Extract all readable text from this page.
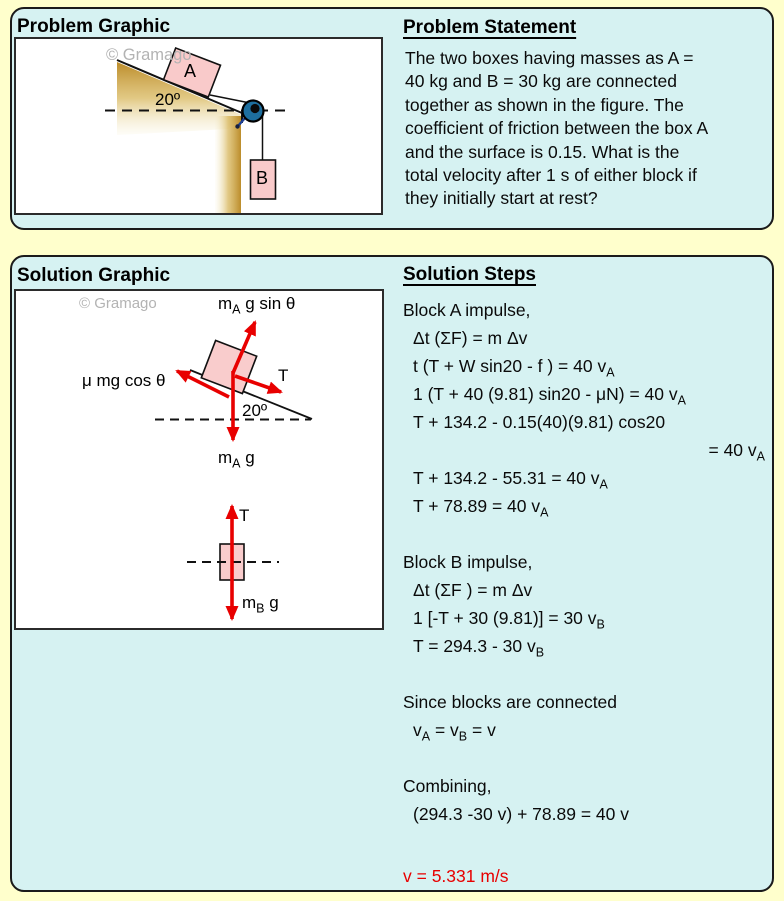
Problem Graphic
© Gramago
20º
A
B
Problem Statement
The two boxes having masses as A =
40 kg and B = 30 kg are connected
together as shown in the figure. The
coefficient of friction between the box A
and the surface is 0.15. What is the
total velocity after 1 s of either block if
they initially start at rest?
Solution Graphic
© Gramago	$m_A$ g sin θ
μ mg cos θ	T
20º
$m_A$ g
T
$m_B$ g
Solution Steps
Block A impulse,
Δt (ΣF) = m Δv
t (T + W sin20 - f ) = 40 $v_A$
1 (T + 40 (9.81) sin20 - μN) = 40 $v_A$
T + 134.2 - 0.15(40)(9.81) cos20
= 40 $v_A$
T + 134.2 - 55.31 = 40 $v_A$
T + 78.89 = 40 $v_A$
Block B impulse,
Δt (ΣF ) = m Δv
1 [-T + 30 (9.81)] = 30 $v_B$
T = 294.3 - 30 $v_B$
Since blocks are connected
$v_A = v_B = v$
Combining,
(294.3 -30 v) + 78.89 = 40 v
v = 5.331 m/s
